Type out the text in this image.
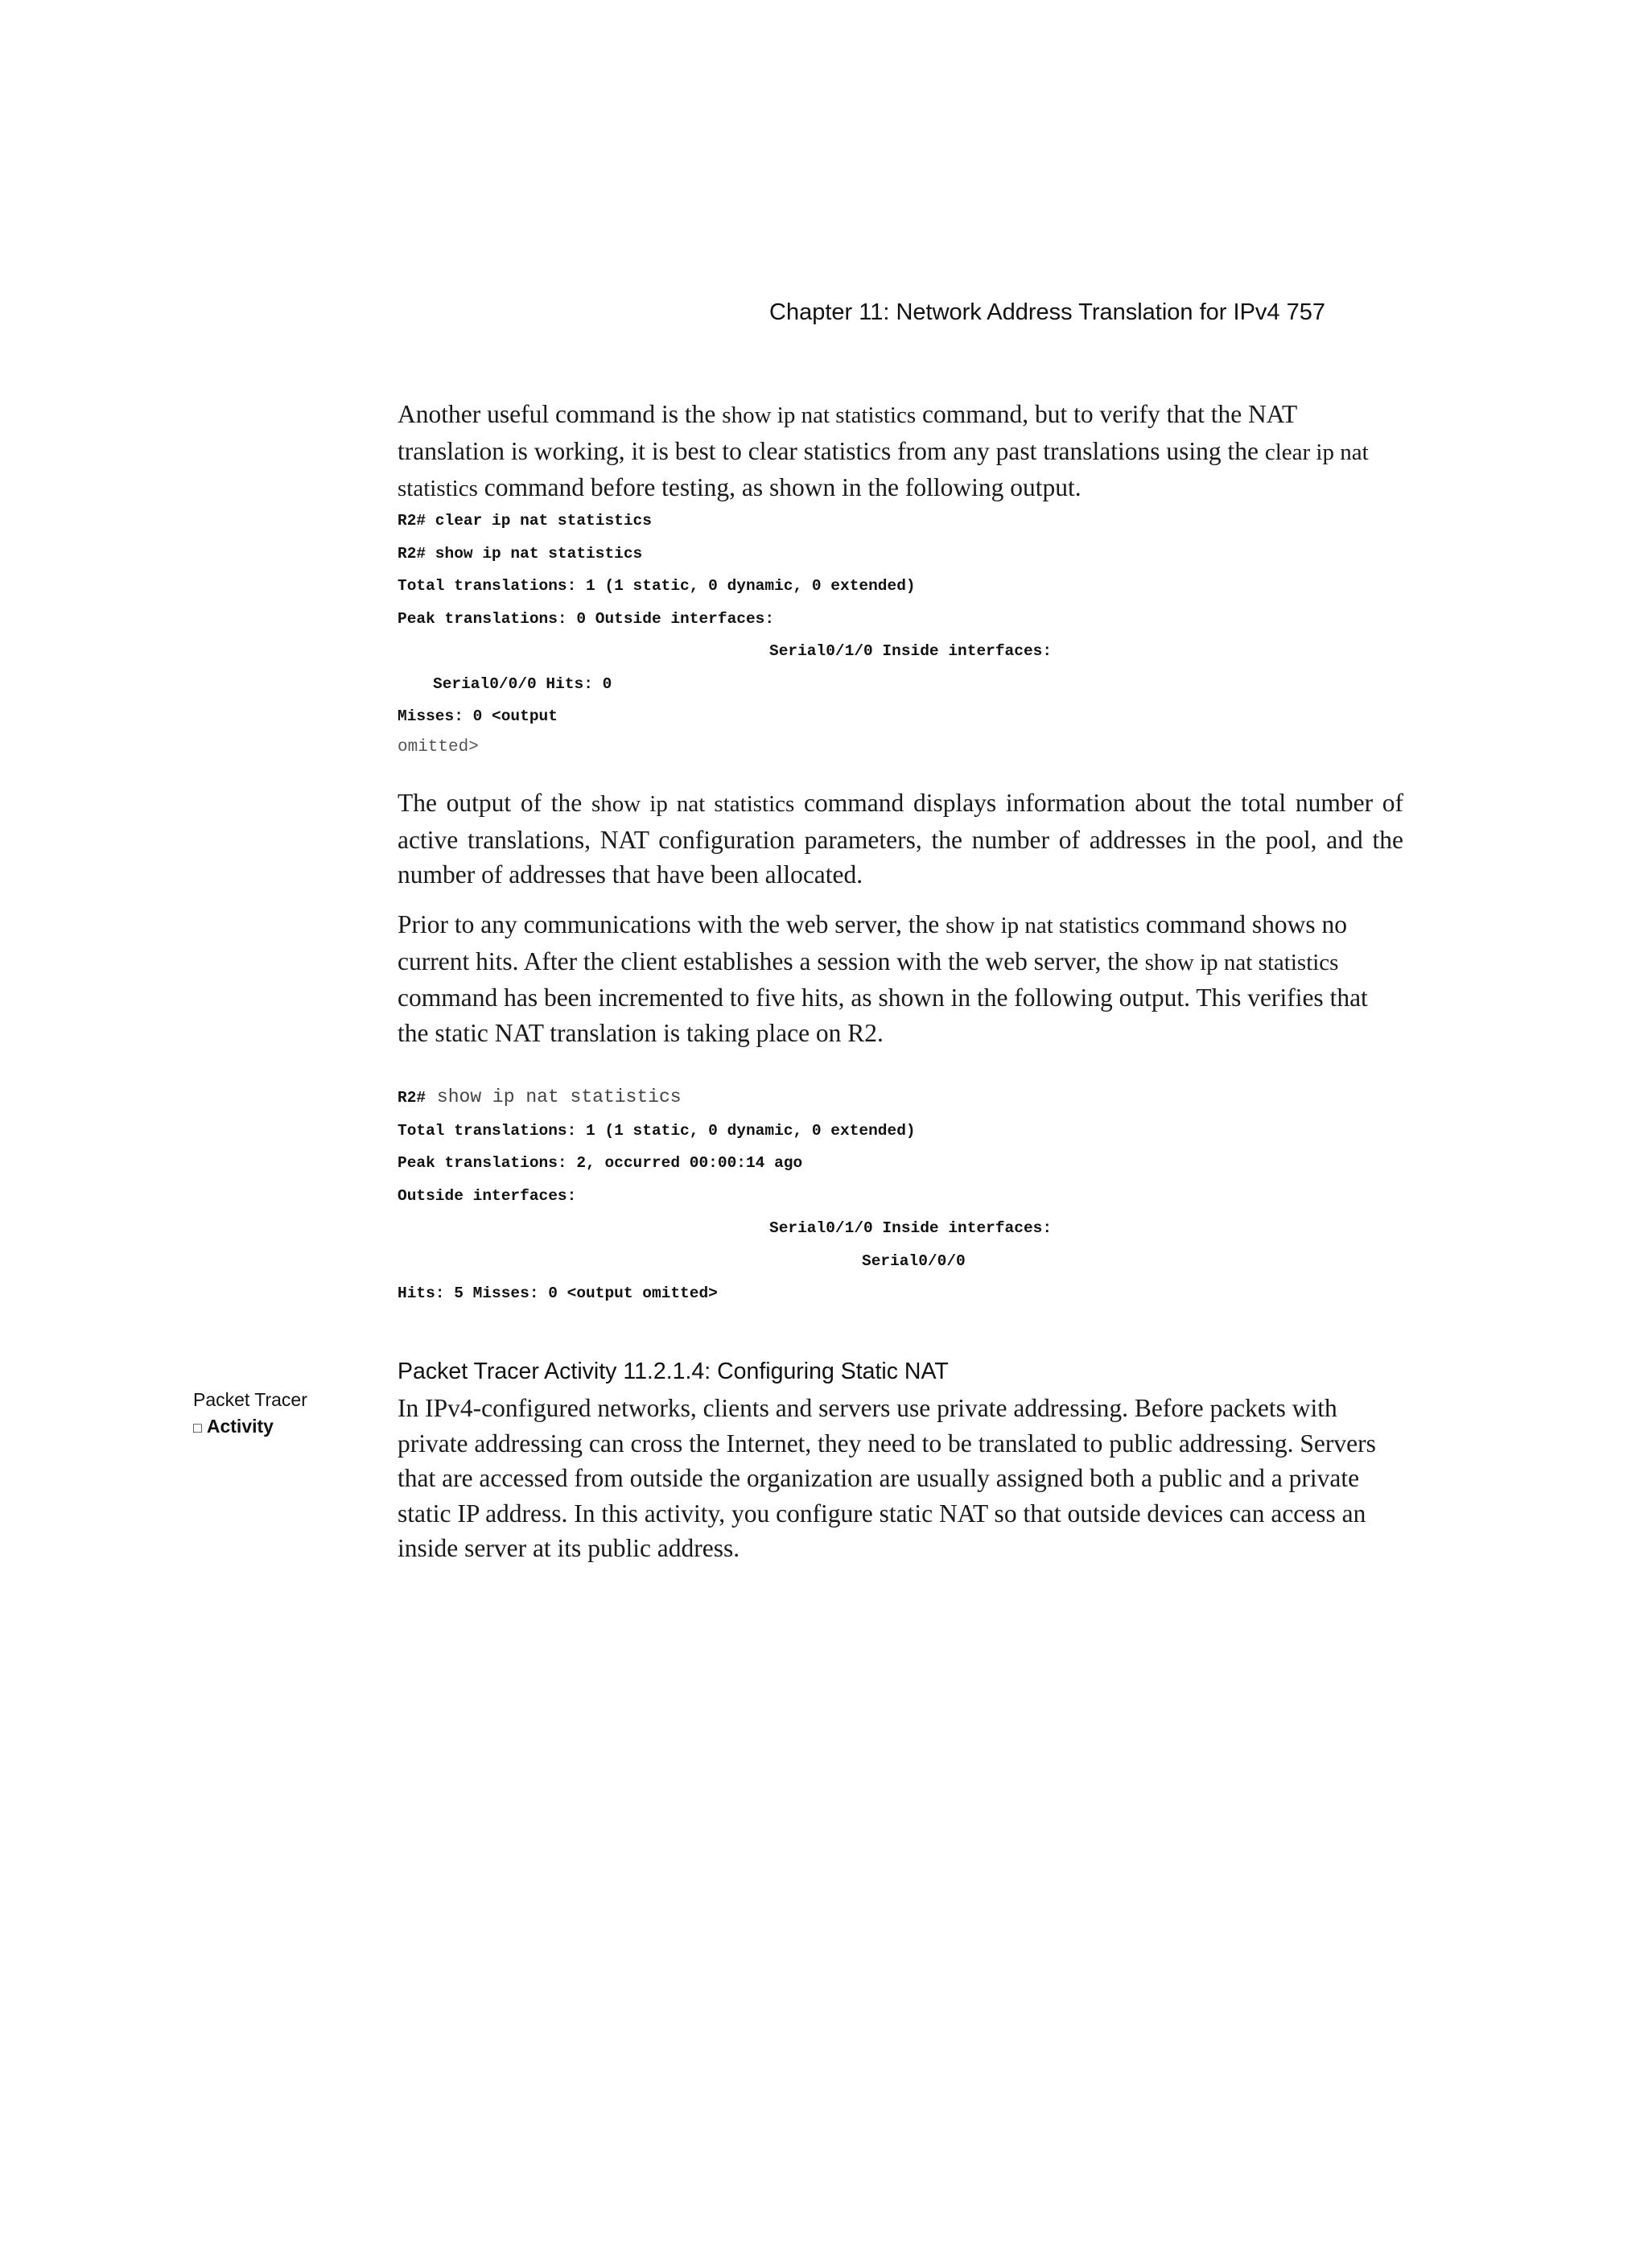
Chapter 11: Network Address Translation for IPv4 757

Another useful command is the show ip nat statistics command, but to verify that the NAT translation is working, it is best to clear statistics from any past translations using the clear ip nat statistics command before testing, as shown in the following output.

R2# clear ip nat statistics
R2# show ip nat statistics
Total translations: 1 (1 static, 0 dynamic, 0 extended)
Peak translations: 0 Outside interfaces:
Serial0/1/0 Inside interfaces:
Serial0/0/0 Hits: 0
Misses: 0 <output
omitted>

The output of the show ip nat statistics command displays information about the total number of active translations, NAT configuration parameters, the number of addresses in the pool, and the number of addresses that have been allocated.

Prior to any communications with the web server, the show ip nat statistics command shows no current hits. After the client establishes a session with the web server, the show ip nat statistics command has been incremented to five hits, as shown in the following output. This verifies that the static NAT translation is taking place on R2.

R2# show ip nat statistics
Total translations: 1 (1 static, 0 dynamic, 0 extended)
Peak translations: 2, occurred 00:00:14 ago
Outside interfaces:
Serial0/1/0 Inside interfaces:
Serial0/0/0
Hits: 5 Misses: 0 <output omitted>
Packet Tracer
□ Activity
Packet Tracer Activity 11.2.1.4: Configuring Static NAT

In IPv4-configured networks, clients and servers use private addressing. Before packets with private addressing can cross the Internet, they need to be translated to public addressing. Servers that are accessed from outside the organization are usually assigned both a public and a private static IP address. In this activity, you configure static NAT so that outside devices can access an inside server at its public address.
